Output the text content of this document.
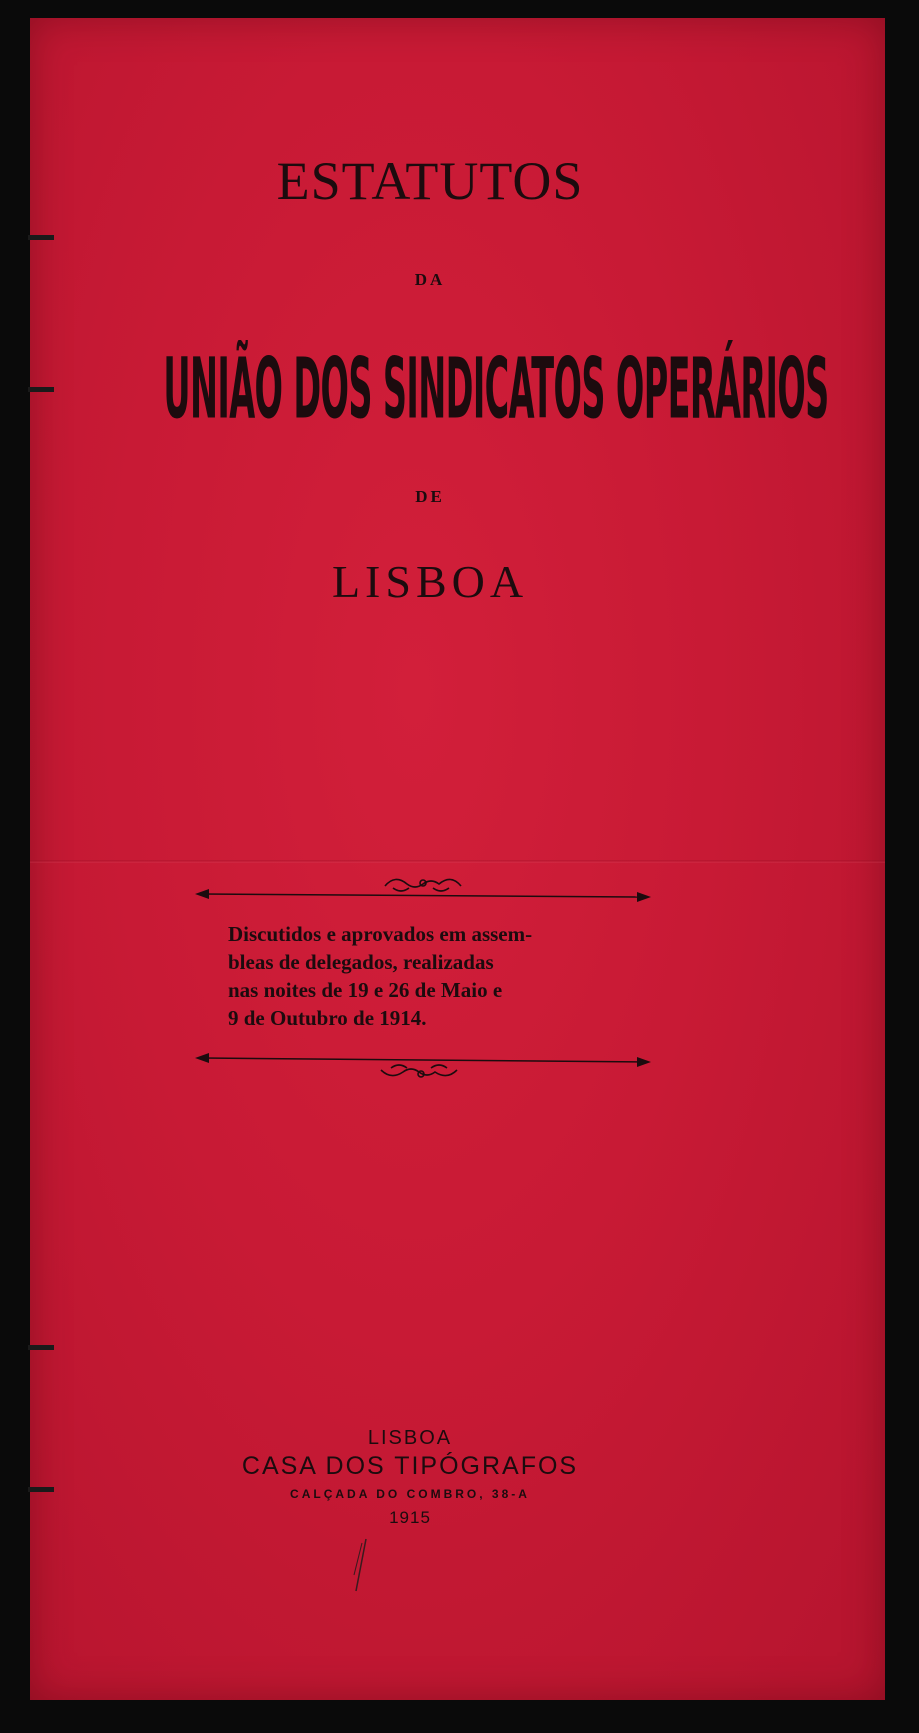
ESTATUTOS
DA
UNIÃO DOS SINDICATOS OPERÁRIOS
DE
LISBOA
Discutidos e aprovados em assem-
bleas de delegados, realizadas
nas noites de 19 e 26 de Maio e
9 de Outubro de 1914.
LISBOA
CASA DOS TIPÓGRAFOS
CALÇADA DO COMBRO, 38-A
1915
